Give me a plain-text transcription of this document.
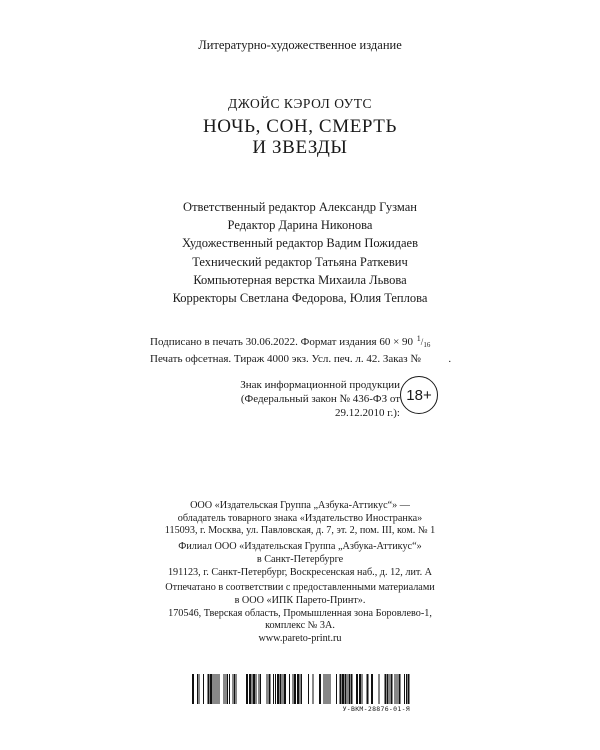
Литературно-художественное издание
ДЖОЙС КЭРОЛ ОУТС
НОЧЬ, СОН, СМЕРТЬ
И ЗВЕЗДЫ
Ответственный редактор Александр Гузман
Редактор Дарина Никонова
Художественный редактор Вадим Пожидаев
Технический редактор Татьяна Раткевич
Компьютерная верстка Михаила Львова
Корректоры Светлана Федорова, Юлия Теплова
Подписано в печать 30.06.2022. Формат издания 60 × 90 $^1$/16
Печать офсетная. Тираж 4000 экз. Усл. печ. л. 42. Заказ №	.
Знак информационной продукции
(Федеральный закон № 436-ФЗ от 29.12.2010 г.):
18+
ООО «Издательская Группа „Азбука-Аттикус“» —
обладатель товарного знака «Издательство Иностранка»
115093, г. Москва, ул. Павловская, д. 7, эт. 2, пом. III, ком. № 1
Филиал ООО «Издательская Группа „Азбука-Аттикус“»
в Санкт-Петербурге
191123, г. Санкт-Петербург, Воскресенская наб., д. 12, лит. А
Отпечатано в соответствии с предоставленными материалами
в ООО «ИПК Парето-Принт».
170546, Тверская область, Промышленная зона Боровлево-1,
комплекс № 3А.
www.pareto-print.ru
У-ВКМ-28876-01-Я
